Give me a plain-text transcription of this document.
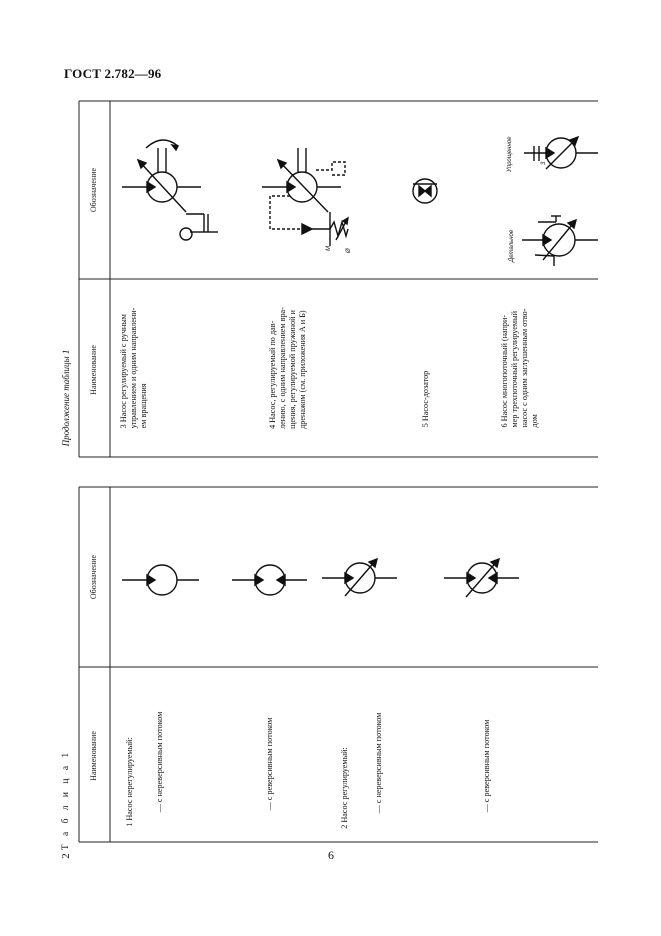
ГОСТ 2.782—96
6
2
Продолжение таблицы 1 Наименование
Обозначение
3 Насос регулируемый с ручным
управлением и одним направлени-
ем вращения	4 Насос, регулируемый по дав-
лению, с одним направлением вра-
щения, регулируемой пружиной и
дренажом (см. приложения А и Б)	5 Насос-дозатор	6 Насос многопоточный (напри-
мер трехпоточный регулируемый
насос с одним заглушенным отво-
дом
Т а б л и ц а 1 Наименование
Обозначение
1 Насос нерегулируемый:	— с нереверсивным потоком	— с реверсивным потоком	2 Насос регулируемый:	— с нереверсивным потоком	— с реверсивным потоком
M Ø
3
Детальное
Упрощенное
